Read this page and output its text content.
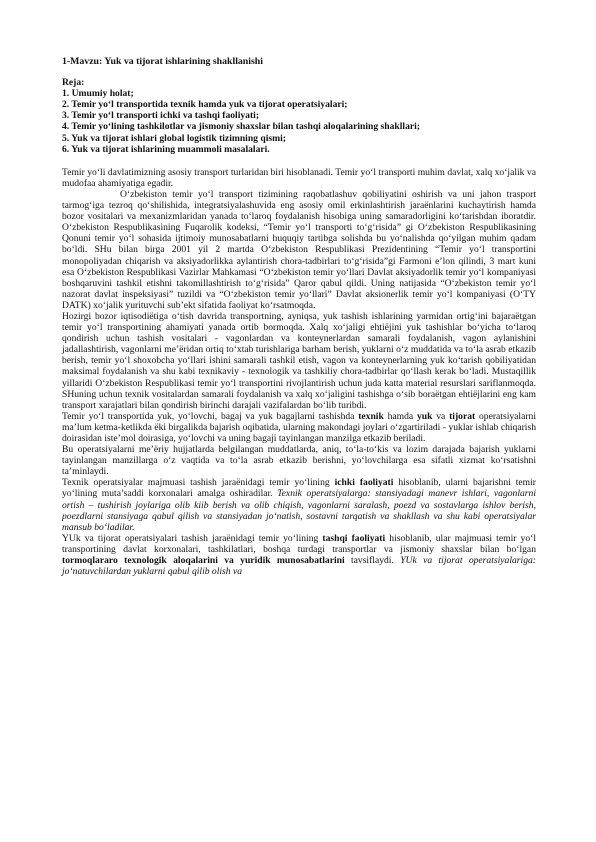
1-Mavzu: Yuk va tijorat ishlarining shakllanishi
Reja:
1. Umumiy holat;
2. Temir yo‘l transportida texnik hamda yuk va tijorat operatsiyalari;
3. Temir yo‘l transporti ichki va tashqi faoliyati;
4. Temir yo‘lining tashkilotlar va jismoniy shaxslar bilan tashqi aloqalarining shakllari;
5. Yuk va tijorat ishlari global logistik tizimning qismi;
6. Yuk va tijorat ishlarining muammoli masalalari.

Temir yo‘li davlatimizning asosiy transport turlaridan biri hisoblanadi. Temir yo‘l transporti muhim davlat, xalq xo‘jalik va mudofaa ahamiyatiga egadir.

O‘zbekiston temir yo‘l transport tizimining raqobatlashuv qobiliyatini oshirish va uni jahon trasport tarmog‘iga tezroq qo‘shilishida, integratsiyalashuvida eng asosiy omil erkinlashtirish jaraёnlarini kuchaytirish hamda bozor vositalari va mexanizmlaridan yanada to‘laroq foydalanish hisobiga uning samaradorligini ko‘tarishdan iboratdir. O‘zbekiston Respublikasining Fuqarolik kodeksi, “Temir yo‘l transporti to‘g‘risida” gi O‘zbekiston Respublikasining Qonuni temir yo‘l sohasida ijtimoiy munosabatlarni huquqiy tartibga solishda bu yo‘nalishda qo‘yilgan muhim qadam bo‘ldi. SHu bilan birga 2001 yil 2 martda O‘zbekiston Respublikasi Prezidentining “Temir yo‘l transportini monopoliyadan chiqarish va aksiyadorlikka aylantirish chora-tadbirlari to‘g‘risida”gi Farmoni e’lon qilindi, 3 mart kuni esa O‘zbekiston Respublikasi Vazirlar Mahkamasi “O‘zbekiston temir yo‘llari Davlat aksiyadorlik temir yo‘l kompaniyasi boshqaruvini tashkil etishni takomillashtirish to‘g‘risida” Qaror qabul qildi. Uning natijasida “O‘zbekiston temir yo‘l nazorat davlat inspeksiyasi” tuzildi va “O‘zbekiston temir yo‘llari” Davlat aksionerlik temir yo‘l kompaniyasi (O‘TY DATK) xo‘jalik yurituvchi sub’ekt sifatida faoliyat ko‘rsatmoqda.

Hozirgi bozor iqtisodiёtiga o‘tish davrida transportning, ayniqsa, yuk tashish ishlarining yarmidan ortig‘ini bajaraёtgan temir yo‘l transportining ahamiyati yanada ortib bormoqda. Xalq xo‘jaligi ehtiёjini yuk tashishlar bo‘yicha to‘laroq qondirish uchun tashish vositalari - vagonlardan va konteynerlardan samarali foydalanish, vagon aylanishini jadallashtirish, vagonlarni me’ёridan ortiq to‘xtab turishlariga barham berish, yuklarni o‘z muddatida va to‘la asrab etkazib berish, temir yo‘l shoxobcha yo‘llari ishini samarali tashkil etish, vagon va konteynerlarning yuk ko‘tarish qobiliyatidan maksimal foydalanish va shu kabi texnikaviy - texnologik va tashkiliy chora-tadbirlar qo‘llash kerak bo‘ladi. Mustaqillik yillaridi O‘zbekiston Respublikasi temir yo‘l transportini rivojlantirish uchun juda katta material resurslari sariflanmoqda. SHuning uchun texnik vositalardan samarali foydalanish va xalq xo‘jaligini tashishga o‘sib boraёtgan ehtiёjlarini eng kam transport xarajatlari bilan qondirish birinchi darajali vazifalardan bo‘lib turibdi.

Temir yo‘l transportida yuk, yo‘lovchi, bagaj va yuk bagajlarni tashishda texnik hamda yuk va tijorat operatsiyalarni ma’lum ketma-ketlikda ёki birgalikda bajarish oqibatida, ularning makondagi joylari o‘zgartiriladi - yuklar ishlab chiqarish doirasidan iste’mol doirasiga, yo‘lovchi va uning bagaji tayinlangan manzilga etkazib beriladi.

Bu operatsiyalarni me’ёriy hujjatlarda belgilangan muddatlarda, aniq, to‘la-to‘kis va lozim darajada bajarish yuklarni tayinlangan manzillarga o‘z vaqtida va to‘la asrab etkazib berishni, yo‘lovchilarga esa sifatli xizmat ko‘rsatishni ta’minlaydi.

Texnik operatsiyalar majmuasi tashish jaraёnidagi temir yo‘lining ichki faoliyati hisoblanib, ularni bajarishni temir yo‘lining muta’saddi korxonalari amalga oshiradilar. Texnik operatsiyalarga: stansiyadagi manevr ishlari, vagonlarni ortish – tushirish joylariga olib kiib berish va olib chiqish, vagonlarni saralash, poezd va sostavlarga ishlov berish, poezdlarni stansiyaga qabul qilish va stansiyadan jo‘natish, sostavni tarqatish va shakllash va shu kabi operatsiyalar mansub bo‘ladilar.

YUk va tijorat operatsiyalari tashish jaraёnidagi temir yo‘lining tashqi faoliyati hisoblanib, ular majmuasi temir yo‘l transportining davlat korxonalari, tashkilatlari, boshqa turdagi transportlar va jismoniy shaxslar bilan bo‘lgan tormoqlararo texnologik aloqalarini va yuridik munosabatlarini tavsiflaydi. YUk va tijorat operatsiyalariga: jo‘natuvchilardan yuklarni qabul qilib olish va
